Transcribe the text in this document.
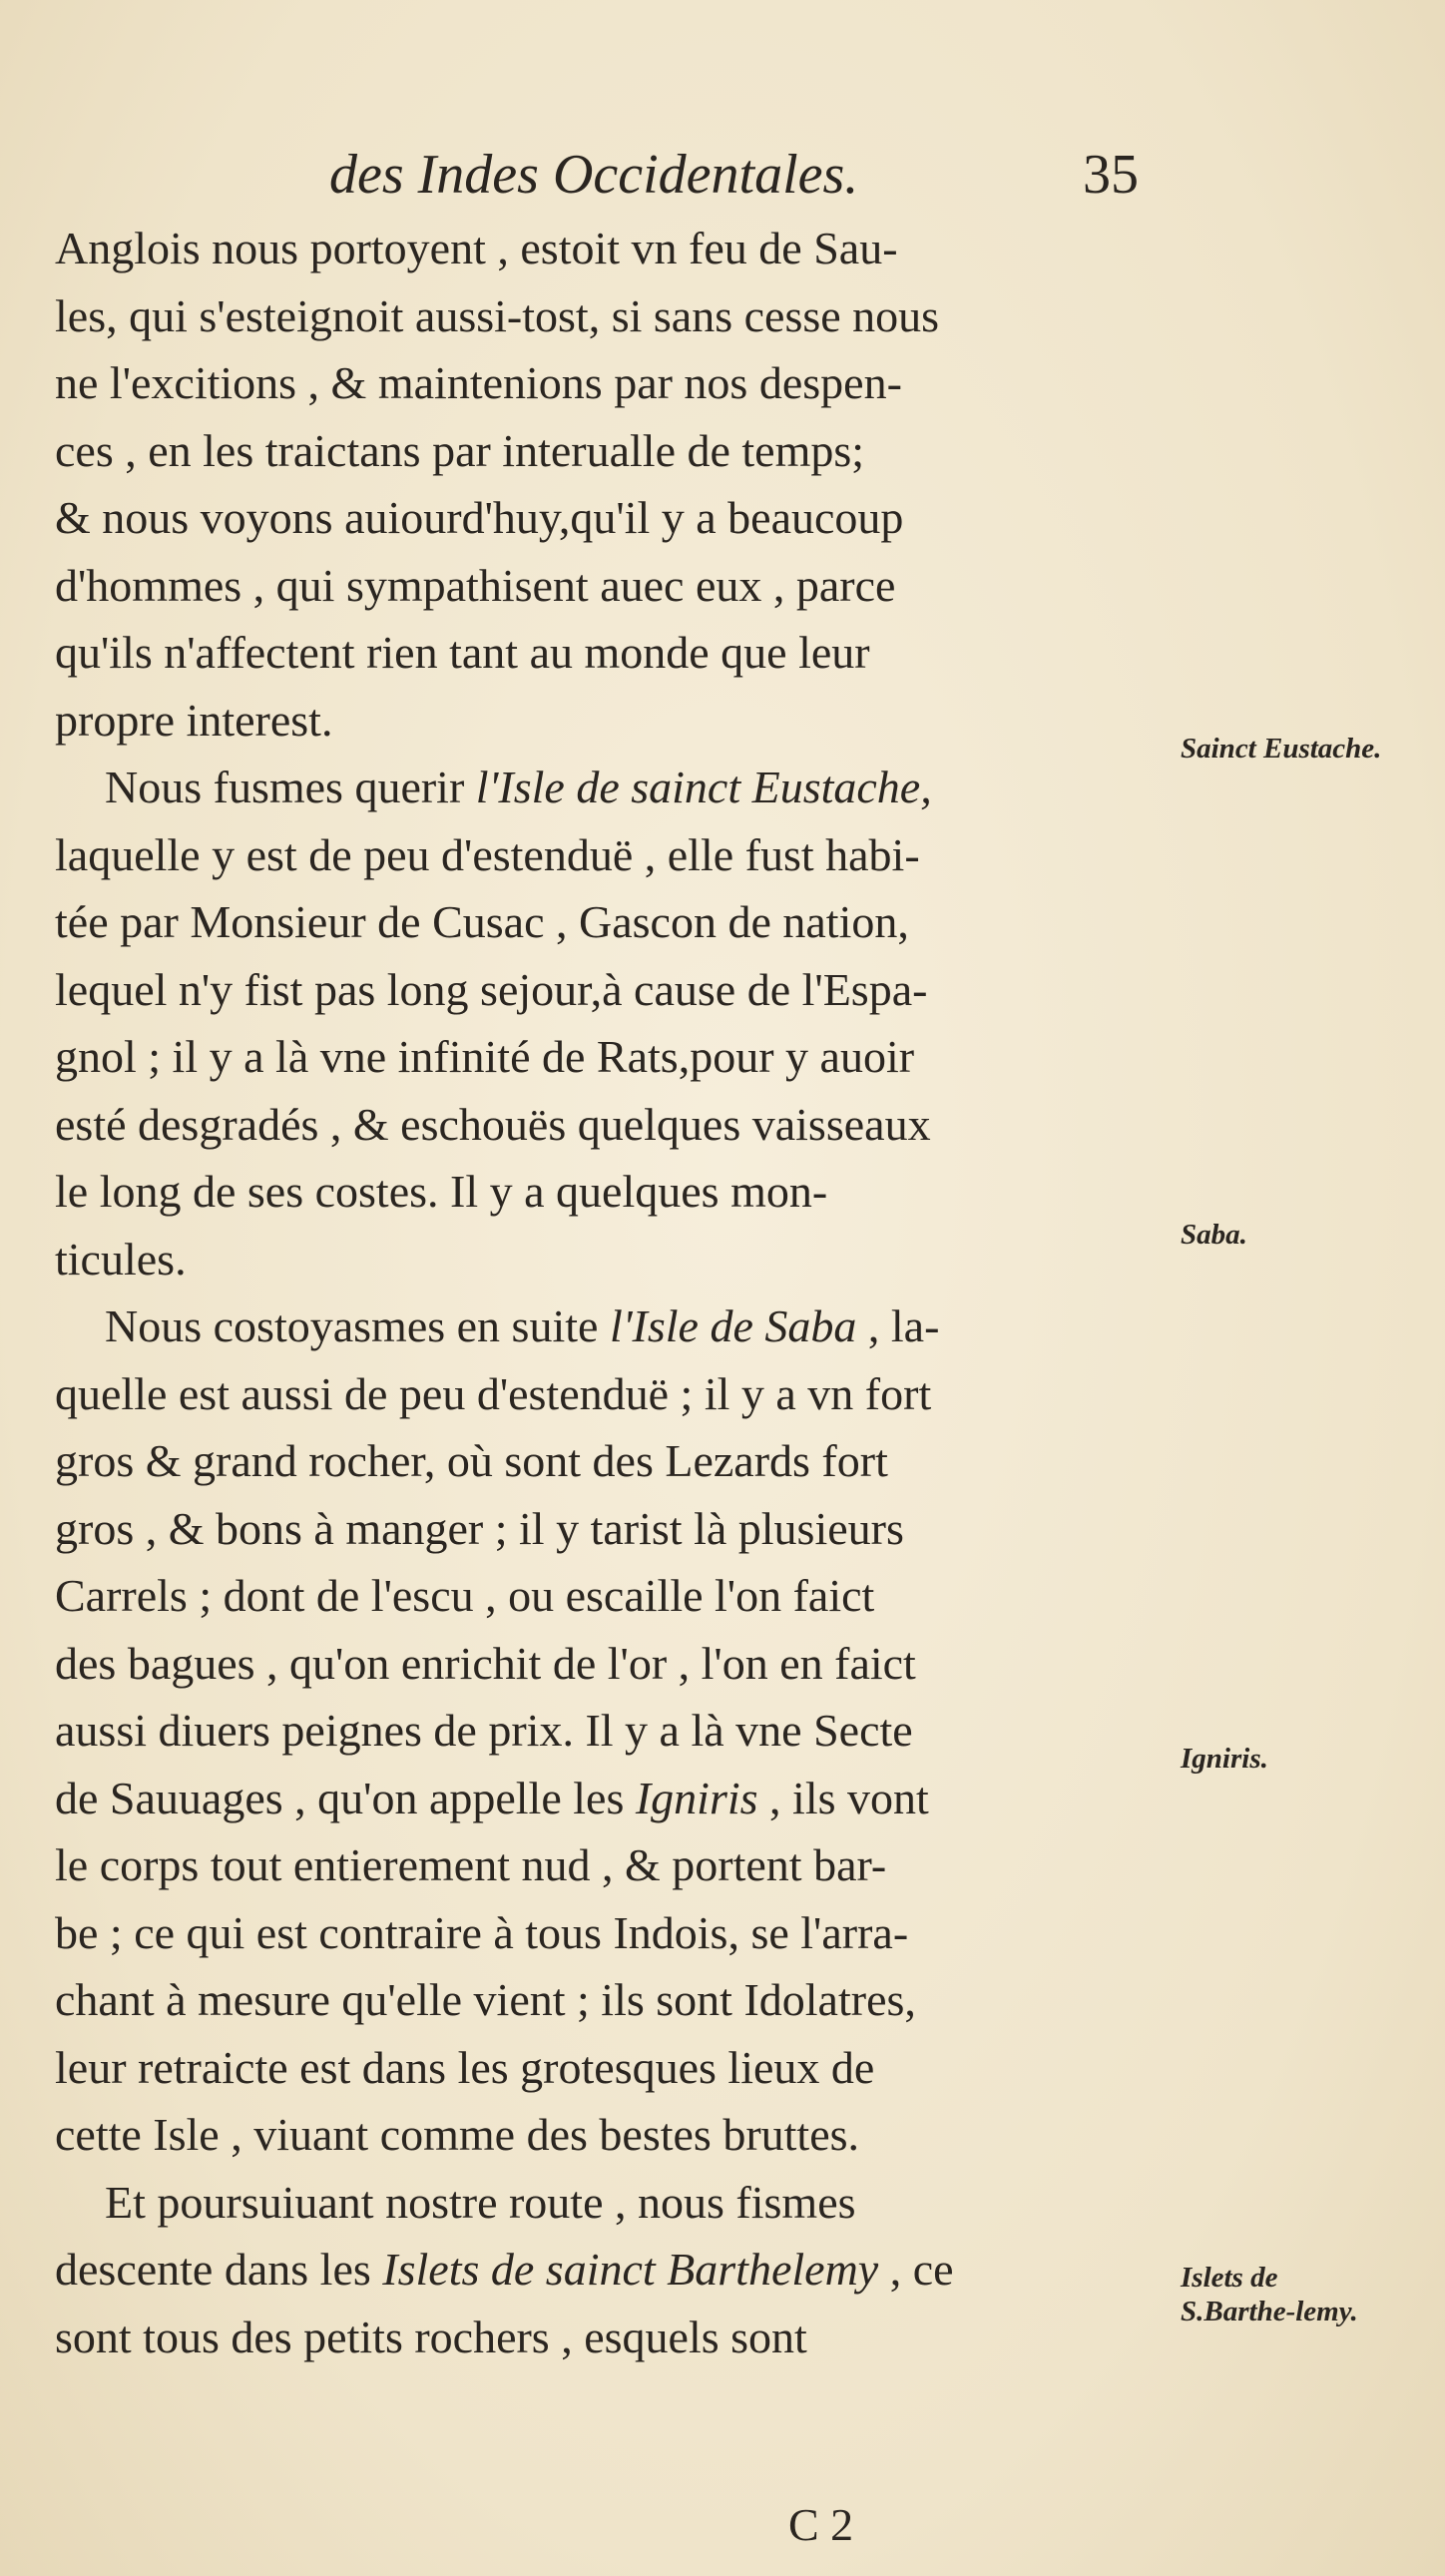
des Indes Occidentales.	35
Anglois nous portoyent , estoit vn feu de Sau-
les, qui s'esteignoit aussi-tost, si sans cesse nous
ne l'excitions , & maintenions par nos despen-
ces , en les traictans par interualle de temps;
& nous voyons auiourd'huy,qu'il y a beaucoup
d'hommes , qui sympathisent auec eux , parce
qu'ils n'affectent rien tant au monde que leur
propre interest.
Nous fusmes querir l'Isle de sainct Eustache,
laquelle y est de peu d'estenduë , elle fust habi-
tée par Monsieur de Cusac , Gascon de nation,
lequel n'y fist pas long sejour,à cause de l'Espa-
gnol ; il y a là vne infinité de Rats,pour y auoir
esté desgradés , & eschouës quelques vaisseaux
le long de ses costes. Il y a quelques mon-
ticules.
Nous costoyasmes en suite l'Isle de Saba , la-
quelle est aussi de peu d'estenduë ; il y a vn fort
gros & grand rocher, où sont des Lezards fort
gros , & bons à manger ; il y tarist là plusieurs
Carrels ; dont de l'escu , ou escaille l'on faict
des bagues , qu'on enrichit de l'or , l'on en faict
aussi diuers peignes de prix. Il y a là vne Secte
de Sauuages , qu'on appelle les Igniris , ils vont
le corps tout entierement nud , & portent bar-
be ; ce qui est contraire à tous Indois, se l'arra-
chant à mesure qu'elle vient ; ils sont Idolatres,
leur retraicte est dans les grotesques lieux de
cette Isle , viuant comme des bestes bruttes.
Et poursuiuant nostre route , nous fismes
descente dans les Islets de sainct Barthelemy , ce
sont tous des petits rochers , esquels sont
C 2
Sainct Eustache.
Saba.
Igniris.
Islets de S.Barthe-lemy.
